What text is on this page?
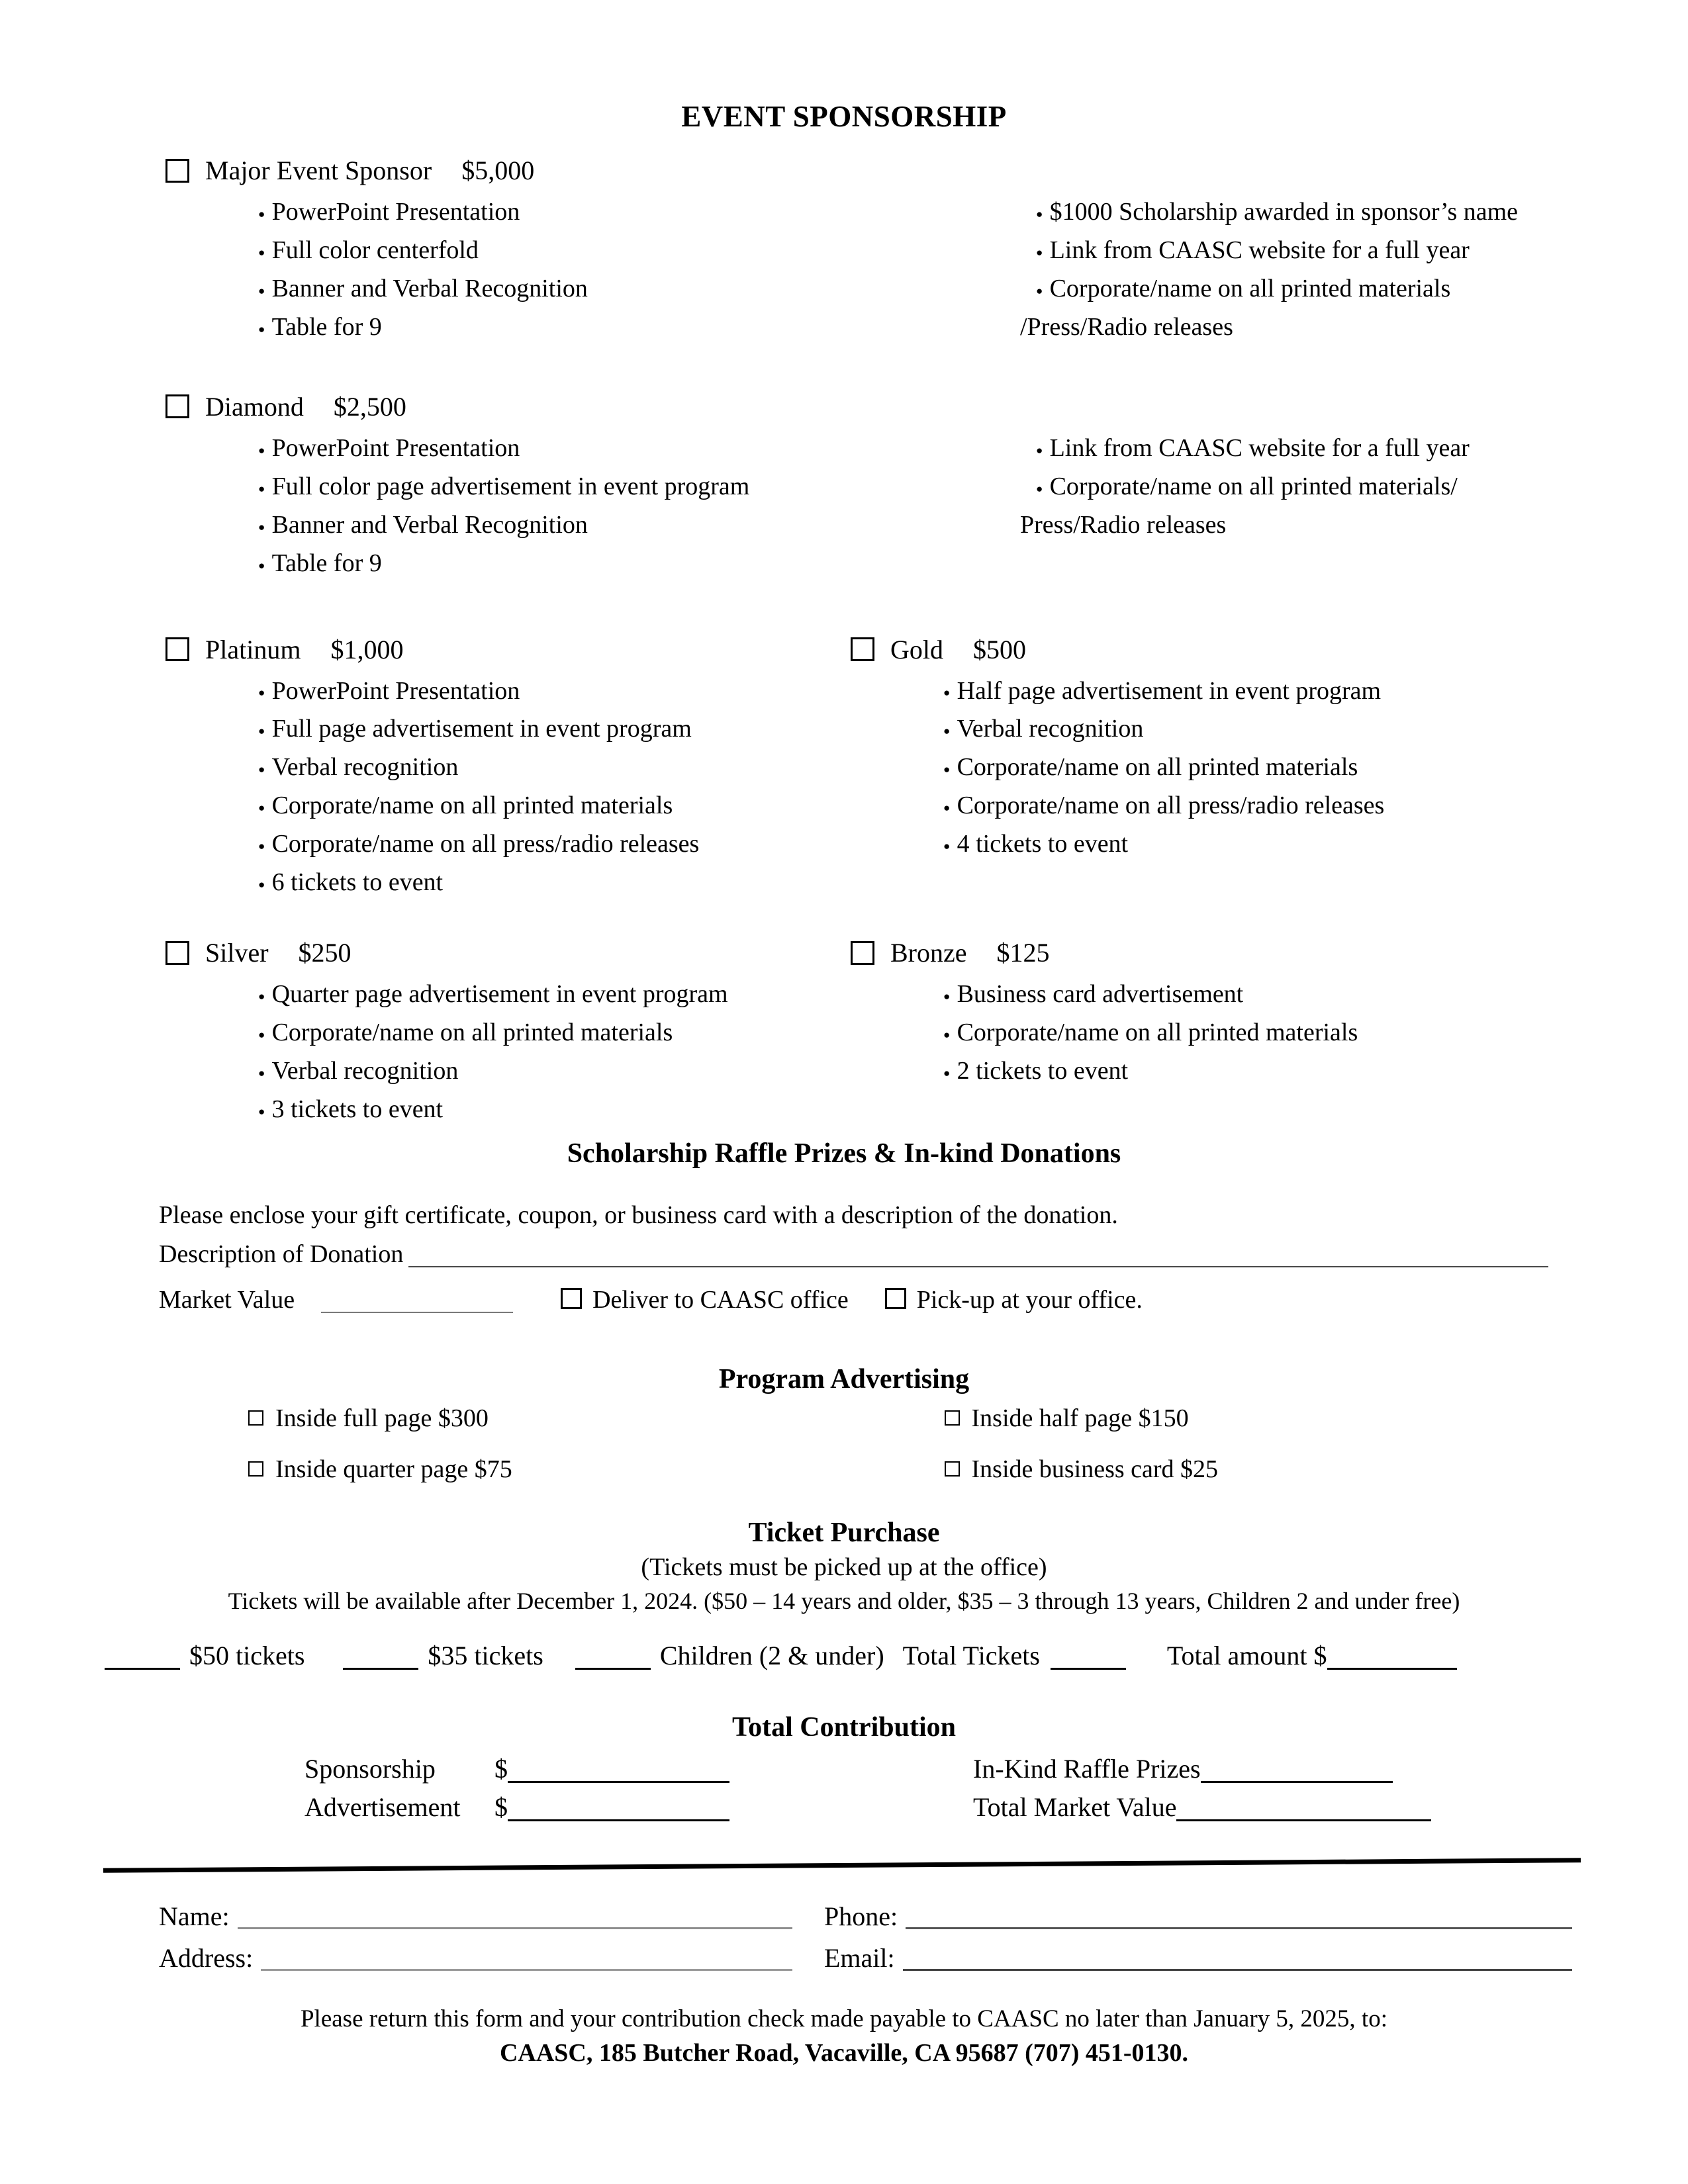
EVENT SPONSORSHIP
Major Event Sponsor $5,000
● PowerPoint Presentation
● Full color centerfold
● Banner and Verbal Recognition
● Table for 9
● $1000 Scholarship awarded in sponsor’s name
● Link from CAASC website for a full year
● Corporate/name on all printed materials
/Press/Radio releases
Diamond $2,500
● PowerPoint Presentation
● Full color page advertisement in event program
● Banner and Verbal Recognition
● Table for 9
● Link from CAASC website for a full year
● Corporate/name on all printed materials/
Press/Radio releases
Platinum $1,000
● PowerPoint Presentation
● Full page advertisement in event program
● Verbal recognition
● Corporate/name on all printed materials
● Corporate/name on all press/radio releases
● 6 tickets to event
Gold $500
● Half page advertisement in event program
● Verbal recognition
● Corporate/name on all printed materials
● Corporate/name on all press/radio releases
● 4 tickets to event
Silver $250
● Quarter page advertisement in event program
● Corporate/name on all printed materials
● Verbal recognition
● 3 tickets to event
Bronze $125
● Business card advertisement
● Corporate/name on all printed materials
● 2 tickets to event
Scholarship Raffle Prizes & In-kind Donations
Please enclose your gift certificate, coupon, or business card with a description of the donation.
Description of Donation
Market Value	Deliver to CAASC office	Pick-up at your office.
Program Advertising
Inside full page $300	Inside half page $150
Inside quarter page $75	Inside business card $25
Ticket Purchase
(Tickets must be picked up at the office)
Tickets will be available after December 1, 2024. ($50 – 14 years and older, $35 – 3 through 13 years, Children 2 and under free)
$50 tickets	$35 tickets	Children (2 & under) Total Tickets	Total amount $
Total Contribution
Sponsorship $	In-Kind Raffle Prizes
Advertisement $	Total Market Value
Name:	Phone:
Address:	Email:
Please return this form and your contribution check made payable to CAASC no later than January 5, 2025, to:
CAASC, 185 Butcher Road, Vacaville, CA 95687 (707) 451-0130.
